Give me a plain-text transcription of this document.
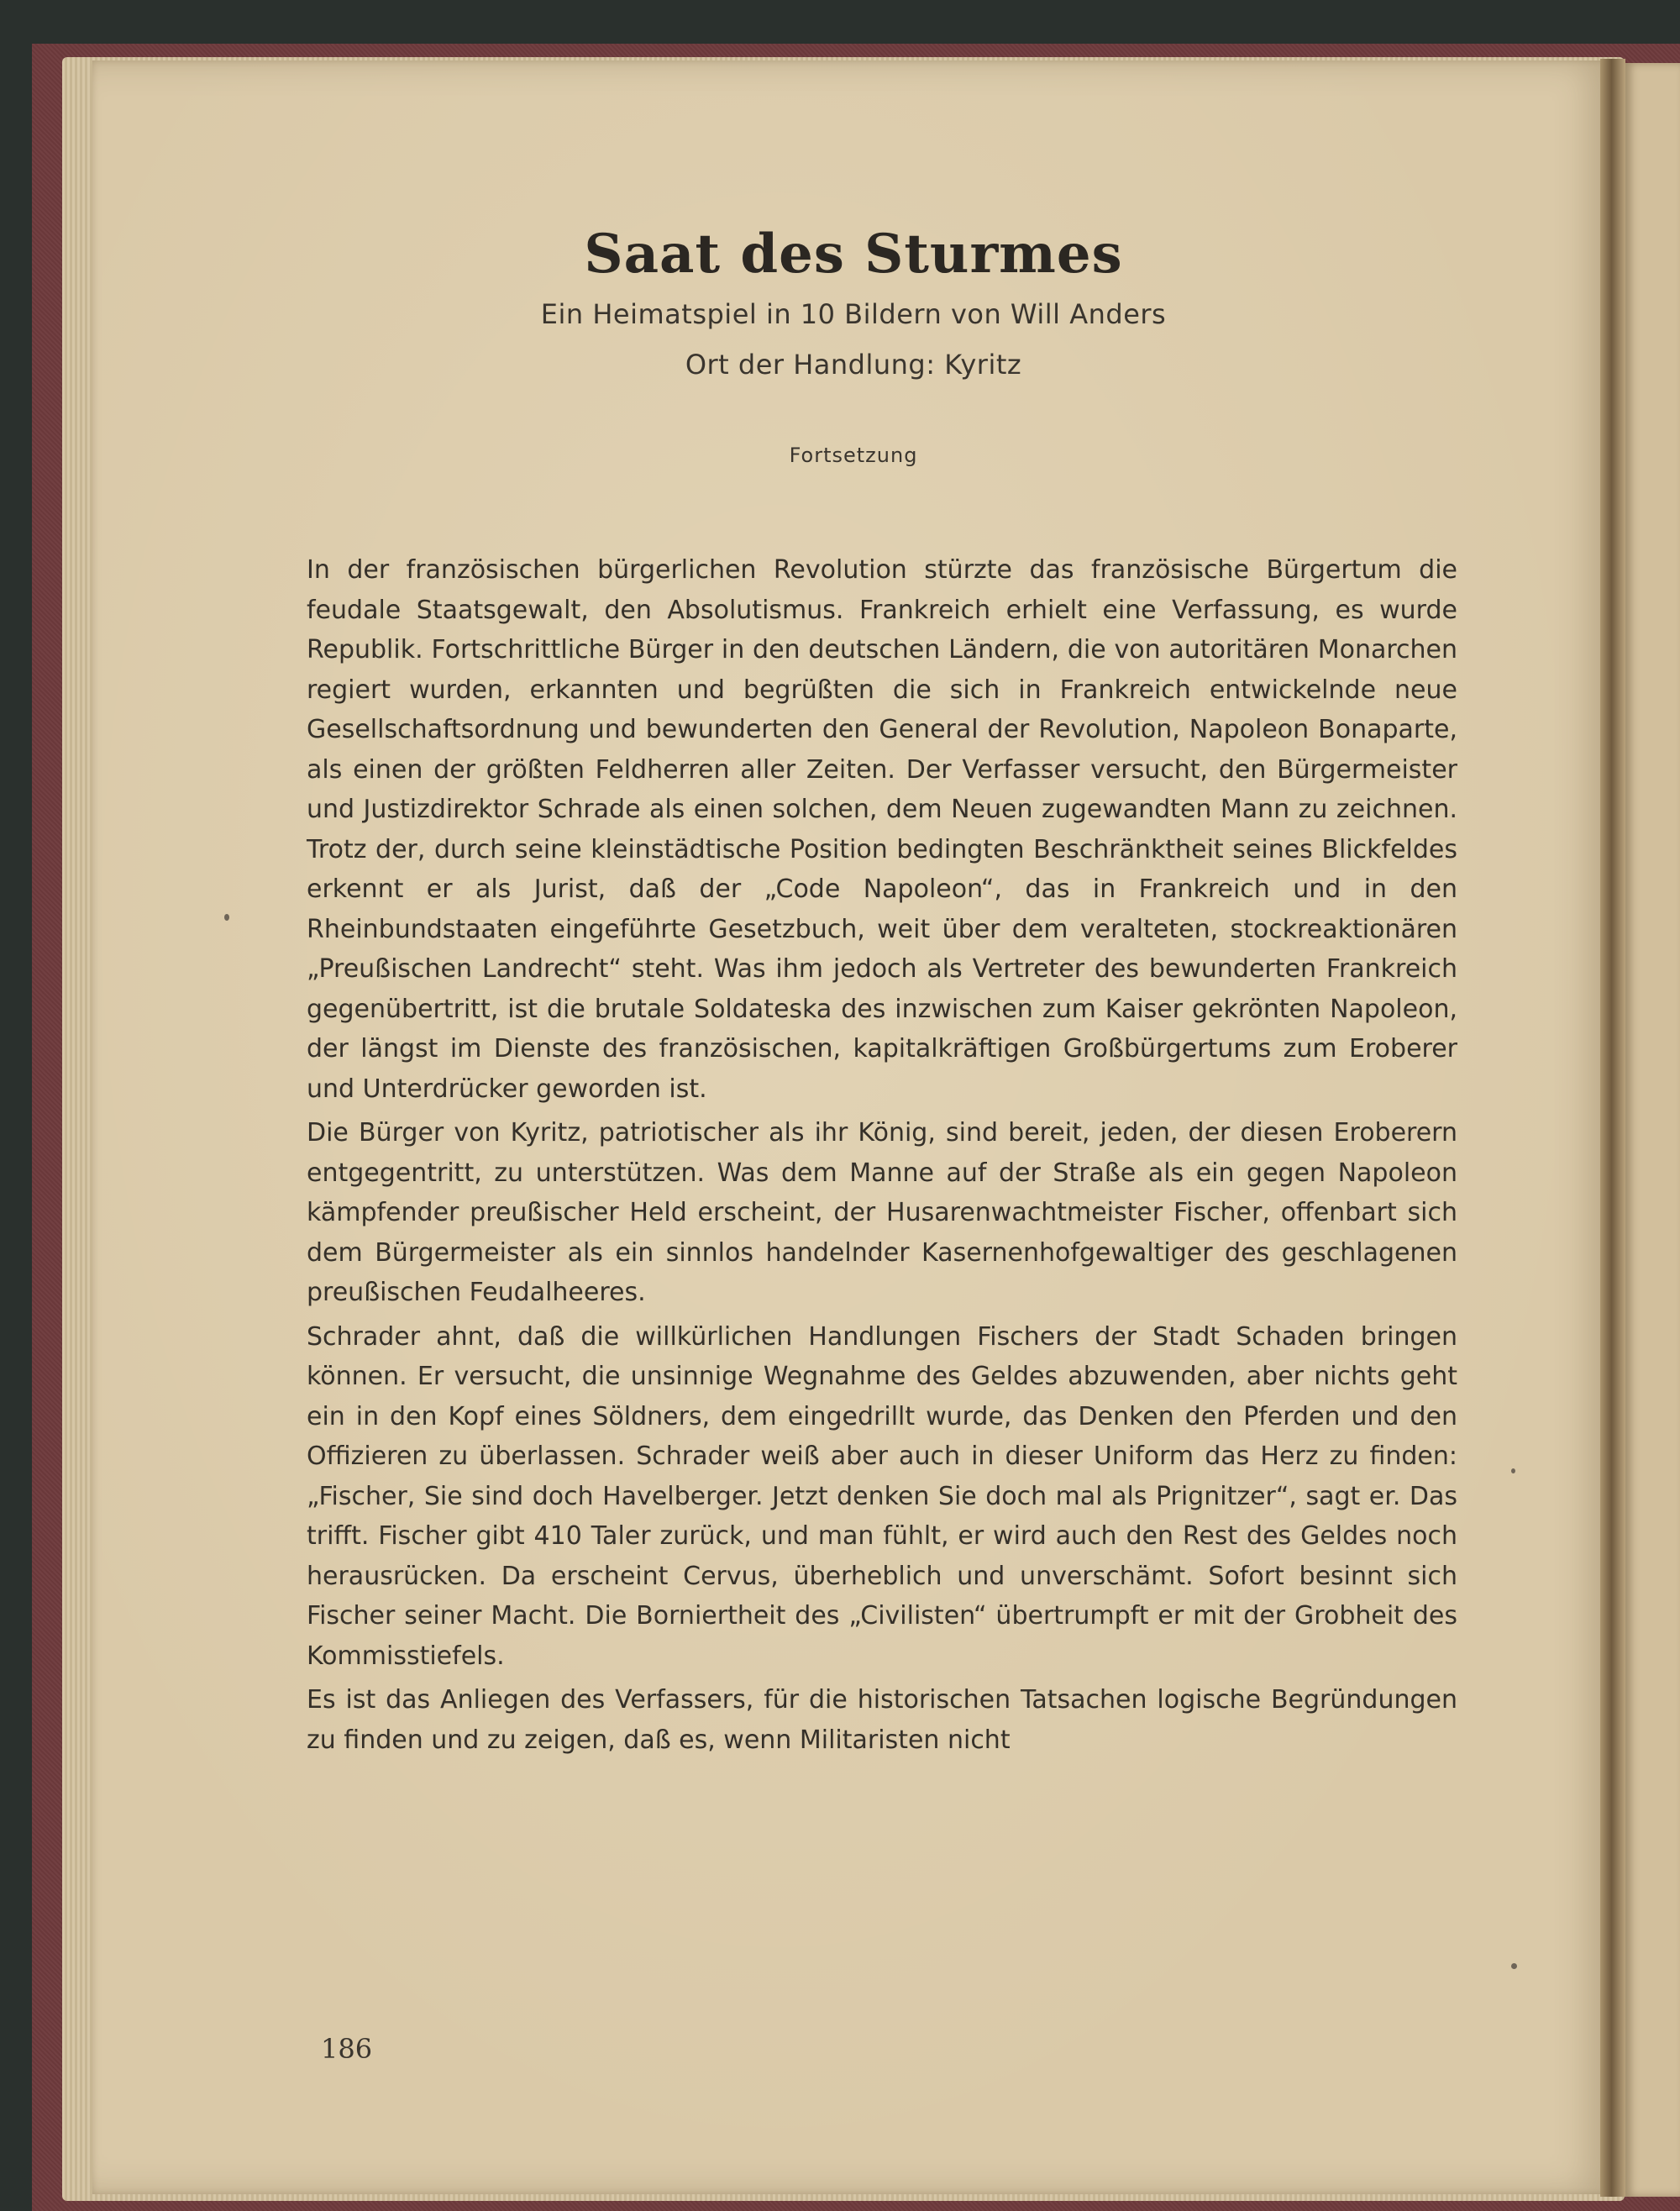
Saat des Sturmes
Ein Heimatspiel in 10 Bildern von Will Anders
Ort der Handlung: Kyritz
Fortsetzung

In der französischen bürgerlichen Revolution stürzte das französische Bürgertum die feudale Staatsgewalt, den Absolutismus. Frankreich erhielt eine Verfassung, es wurde Republik. Fortschrittliche Bürger in den deutschen Ländern, die von autoritären Monarchen regiert wurden, erkannten und begrüßten die sich in Frankreich entwickelnde neue Gesellschaftsordnung und bewunderten den General der Revolution, Napoleon Bonaparte, als einen der größten Feldherren aller Zeiten. Der Verfasser versucht, den Bürgermeister und Justizdirektor Schrade als einen solchen, dem Neuen zugewandten Mann zu zeichnen. Trotz der, durch seine kleinstädtische Position bedingten Beschränktheit seines Blickfeldes erkennt er als Jurist, daß der „Code Napoleon“, das in Frankreich und in den Rheinbundstaaten eingeführte Gesetzbuch, weit über dem veralteten, stockreaktionären „Preußischen Landrecht“ steht. Was ihm jedoch als Vertreter des bewunderten Frankreich gegenübertritt, ist die brutale Soldateska des inzwischen zum Kaiser gekrönten Napoleon, der längst im Dienste des französischen, kapitalkräftigen Großbürgertums zum Eroberer und Unterdrücker geworden ist.

Die Bürger von Kyritz, patriotischer als ihr König, sind bereit, jeden, der diesen Eroberern entgegentritt, zu unterstützen. Was dem Manne auf der Straße als ein gegen Napoleon kämpfender preußischer Held erscheint, der Husarenwachtmeister Fischer, offenbart sich dem Bürgermeister als ein sinnlos handelnder Kasernenhofgewaltiger des geschlagenen preußischen Feudalheeres.

Schrader ahnt, daß die willkürlichen Handlungen Fischers der Stadt Schaden bringen können. Er versucht, die unsinnige Wegnahme des Geldes abzuwenden, aber nichts geht ein in den Kopf eines Söldners, dem eingedrillt wurde, das Denken den Pferden und den Offizieren zu überlassen. Schrader weiß aber auch in dieser Uniform das Herz zu finden: „Fischer, Sie sind doch Havelberger. Jetzt denken Sie doch mal als Prignitzer“, sagt er. Das trifft. Fischer gibt 410 Taler zurück, und man fühlt, er wird auch den Rest des Geldes noch herausrücken. Da erscheint Cervus, überheblich und unverschämt. Sofort besinnt sich Fischer seiner Macht. Die Borniertheit des „Civilisten“ übertrumpft er mit der Grobheit des Kommisstiefels.

Es ist das Anliegen des Verfassers, für die historischen Tatsachen logische Begründungen zu finden und zu zeigen, daß es, wenn Militaristen nicht

186
